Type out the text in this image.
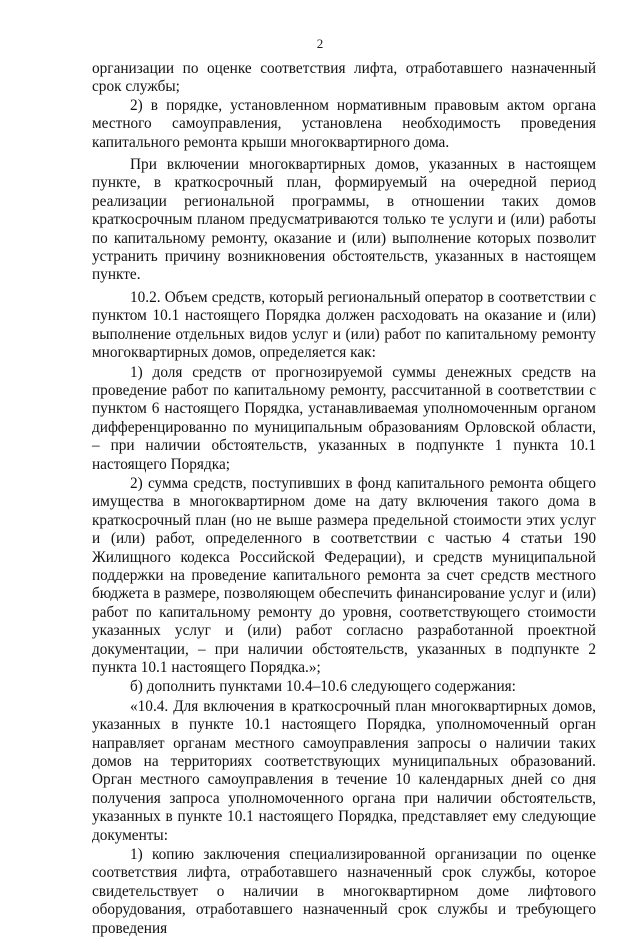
2

организации по оценке соответствия лифта, отработавшего назначенный срок службы;

2) в порядке, установленном нормативным правовым актом органа местного самоуправления, установлена необходимость проведения капитального ремонта крыши многоквартирного дома.

При включении многоквартирных домов, указанных в настоящем пункте, в краткосрочный план, формируемый на очередной период реализации региональной программы, в отношении таких домов краткосрочным планом предусматриваются только те услуги и (или) работы по капитальному ремонту, оказание и (или) выполнение которых позволит устранить причину возникновения обстоятельств, указанных в настоящем пункте.

10.2. Объем средств, который региональный оператор в соответствии с пунктом 10.1 настоящего Порядка должен расходовать на оказание и (или) выполнение отдельных видов услуг и (или) работ по капитальному ремонту многоквартирных домов, определяется как:

1) доля средств от прогнозируемой суммы денежных средств на проведение работ по капитальному ремонту, рассчитанной в соответствии с пунктом 6 настоящего Порядка, устанавливаемая уполномоченным органом дифференцированно по муниципальным образованиям Орловской области, – при наличии обстоятельств, указанных в подпункте 1 пункта 10.1 настоящего Порядка;

2) сумма средств, поступивших в фонд капитального ремонта общего имущества в многоквартирном доме на дату включения такого дома в краткосрочный план (но не выше размера предельной стоимости этих услуг и (или) работ, определенного в соответствии с частью 4 статьи 190 Жилищного кодекса Российской Федерации), и средств муниципальной поддержки на проведение капитального ремонта за счет средств местного бюджета в размере, позволяющем обеспечить финансирование услуг и (или) работ по капитальному ремонту до уровня, соответствующего стоимости указанных услуг и (или) работ согласно разработанной проектной документации, – при наличии обстоятельств, указанных в подпункте 2 пункта 10.1 настоящего Порядка.»;

б) дополнить пунктами 10.4–10.6 следующего содержания:

«10.4. Для включения в краткосрочный план многоквартирных домов, указанных в пункте 10.1 настоящего Порядка, уполномоченный орган направляет органам местного самоуправления запросы о наличии таких домов на территориях соответствующих муниципальных образований. Орган местного самоуправления в течение 10 календарных дней со дня получения запроса уполномоченного органа при наличии обстоятельств, указанных в пункте 10.1 настоящего Порядка, представляет ему следующие документы:

1) копию заключения специализированной организации по оценке соответствия лифта, отработавшего назначенный срок службы, которое свидетельствует о наличии в многоквартирном доме лифтового оборудования, отработавшего назначенный срок службы и требующего проведения
